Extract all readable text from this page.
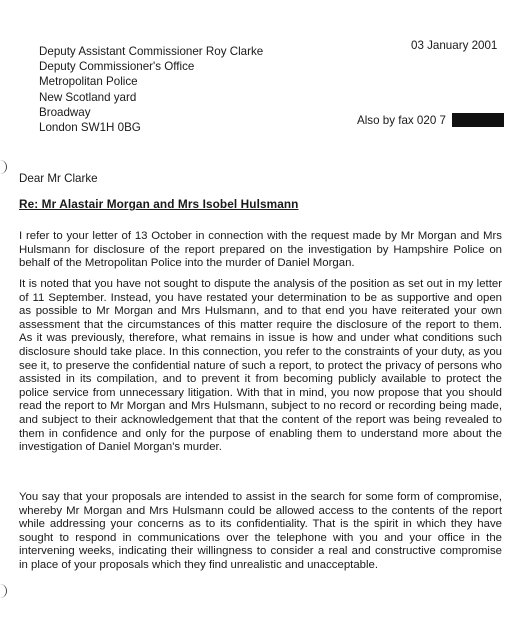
Deputy Assistant Commissioner Roy Clarke
Deputy Commissioner's Office
Metropolitan Police
New Scotland yard
Broadway
London SW1H 0BG
03 January 2001
Also by fax 020 7
Dear Mr Clarke
Re: Mr Alastair Morgan and Mrs Isobel Hulsmann
I refer to your letter of 13 October in connection with the request made by Mr Morgan and Mrs Hulsmann for disclosure of the report prepared on the investigation by Hampshire Police on behalf of the Metropolitan Police into the murder of Daniel Morgan.
It is noted that you have not sought to dispute the analysis of the position as set out in my letter of 11 September. Instead, you have restated your determination to be as supportive and open as possible to Mr Morgan and Mrs Hulsmann, and to that end you have reiterated your own assessment that the circumstances of this matter require the disclosure of the report to them. As it was previously, therefore, what remains in issue is how and under what conditions such disclosure should take place. In this connection, you refer to the constraints of your duty, as you see it, to preserve the confidential nature of such a report, to protect the privacy of persons who assisted in its compilation, and to prevent it from becoming publicly available to protect the police service from unnecessary litigation. With that in mind, you now propose that you should read the report to Mr Morgan and Mrs Hulsmann, subject to no record or recording being made, and subject to their acknowledgement that that the content of the report was being revealed to them in confidence and only for the purpose of enabling them to understand more about the investigation of Daniel Morgan's murder.
You say that your proposals are intended to assist in the search for some form of compromise, whereby Mr Morgan and Mrs Hulsmann could be allowed access to the contents of the report while addressing your concerns as to its confidentiality. That is the spirit in which they have sought to respond in communications over the telephone with you and your office in the intervening weeks, indicating their willingness to consider a real and constructive compromise in place of your proposals which they find unrealistic and unacceptable.
